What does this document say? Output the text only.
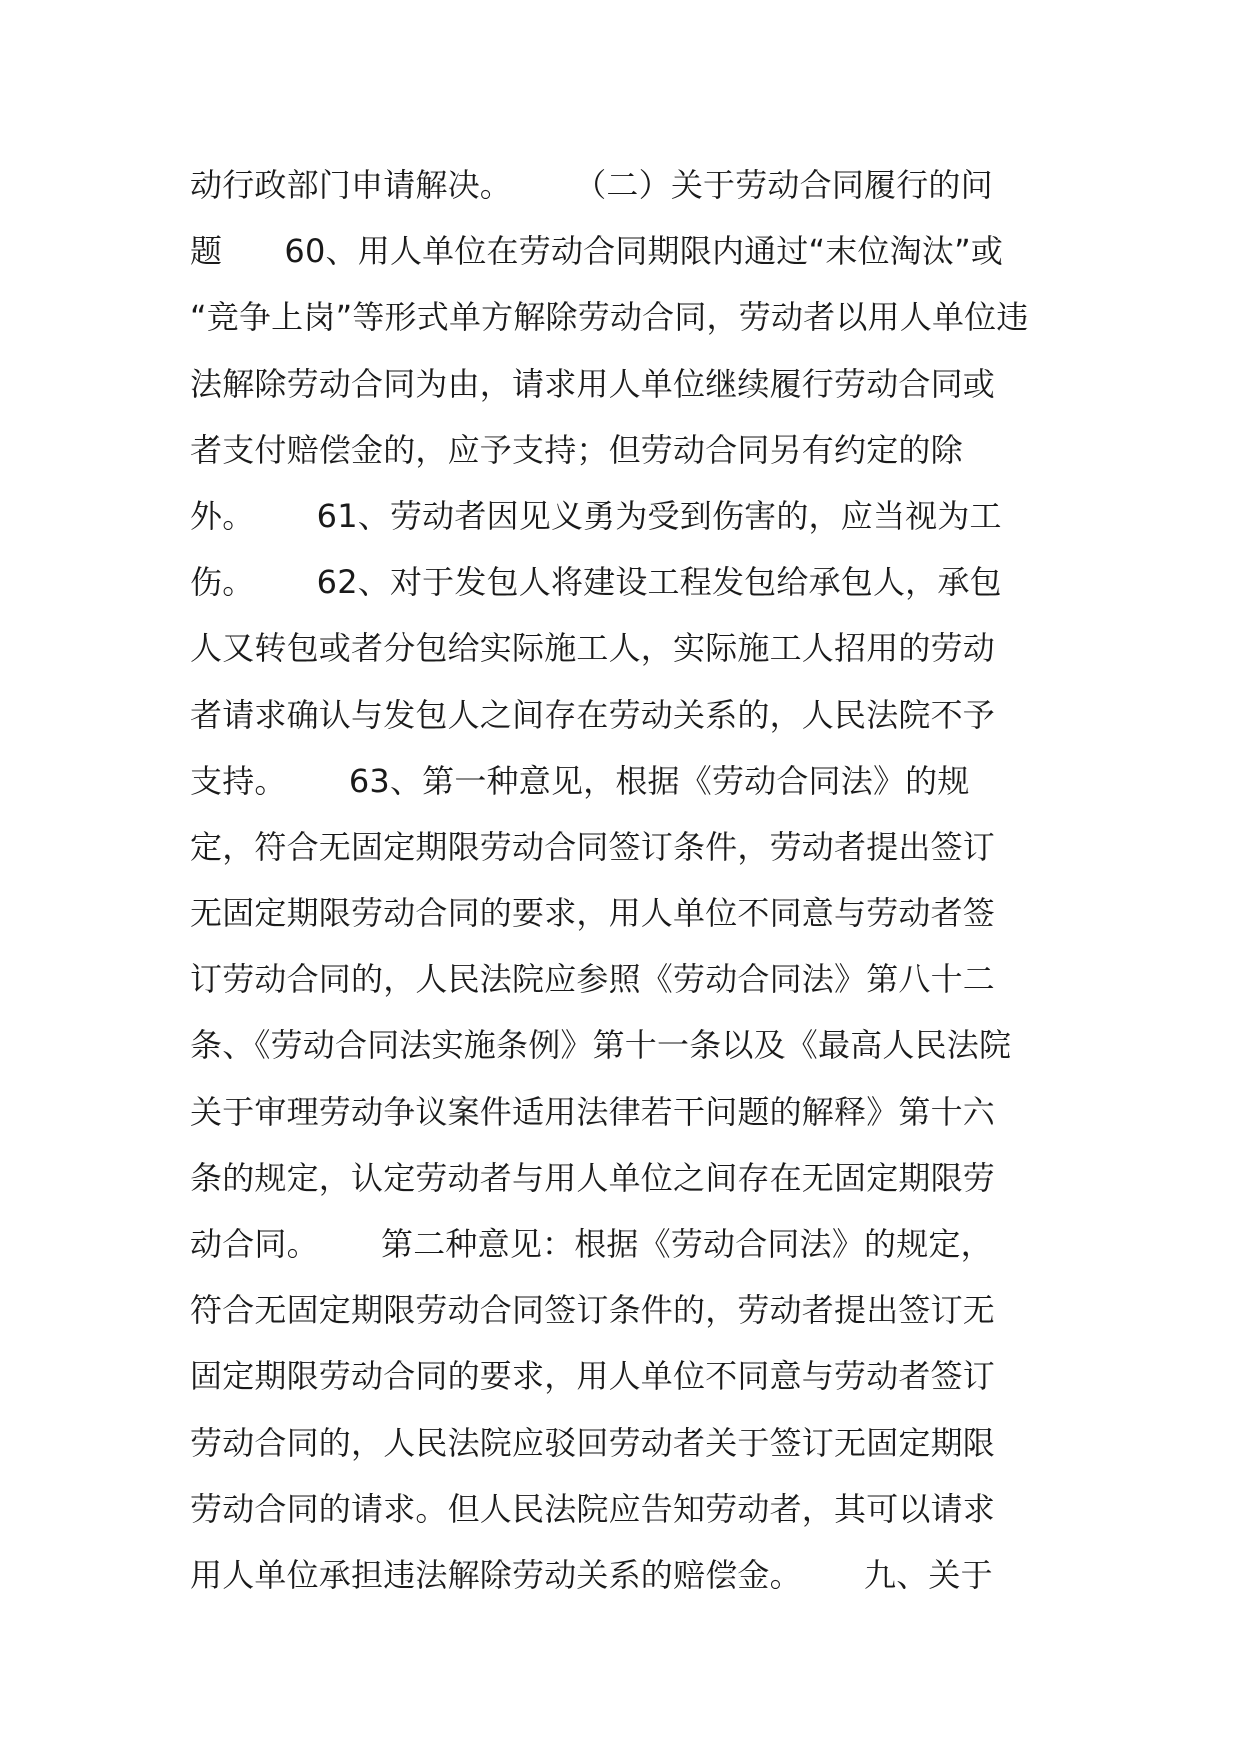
动行政部门申请解决。      （二）关于劳动合同履行的问
题      60、用人单位在劳动合同期限内通过“末位淘汰”或
“竞争上岗”等形式单方解除劳动合同，劳动者以用人单位违
法解除劳动合同为由，请求用人单位继续履行劳动合同或
者支付赔偿金的，应予支持；但劳动合同另有约定的除
外。      61、劳动者因见义勇为受到伤害的，应当视为工
伤。      62、对于发包人将建设工程发包给承包人，承包
人又转包或者分包给实际施工人，实际施工人招用的劳动
者请求确认与发包人之间存在劳动关系的，人民法院不予
支持。      63、第一种意见，根据《劳动合同法》的规
定，符合无固定期限劳动合同签订条件，劳动者提出签订
无固定期限劳动合同的要求，用人单位不同意与劳动者签
订劳动合同的，人民法院应参照《劳动合同法》第八十二
条、《劳动合同法实施条例》第十一条以及《最高人民法院
关于审理劳动争议案件适用法律若干问题的解释》第十六
条的规定，认定劳动者与用人单位之间存在无固定期限劳
动合同。      第二种意见：根据《劳动合同法》的规定，
符合无固定期限劳动合同签订条件的，劳动者提出签订无
固定期限劳动合同的要求，用人单位不同意与劳动者签订
劳动合同的，人民法院应驳回劳动者关于签订无固定期限
劳动合同的请求。但人民法院应告知劳动者，其可以请求
用人单位承担违法解除劳动关系的赔偿金。      九、关于
